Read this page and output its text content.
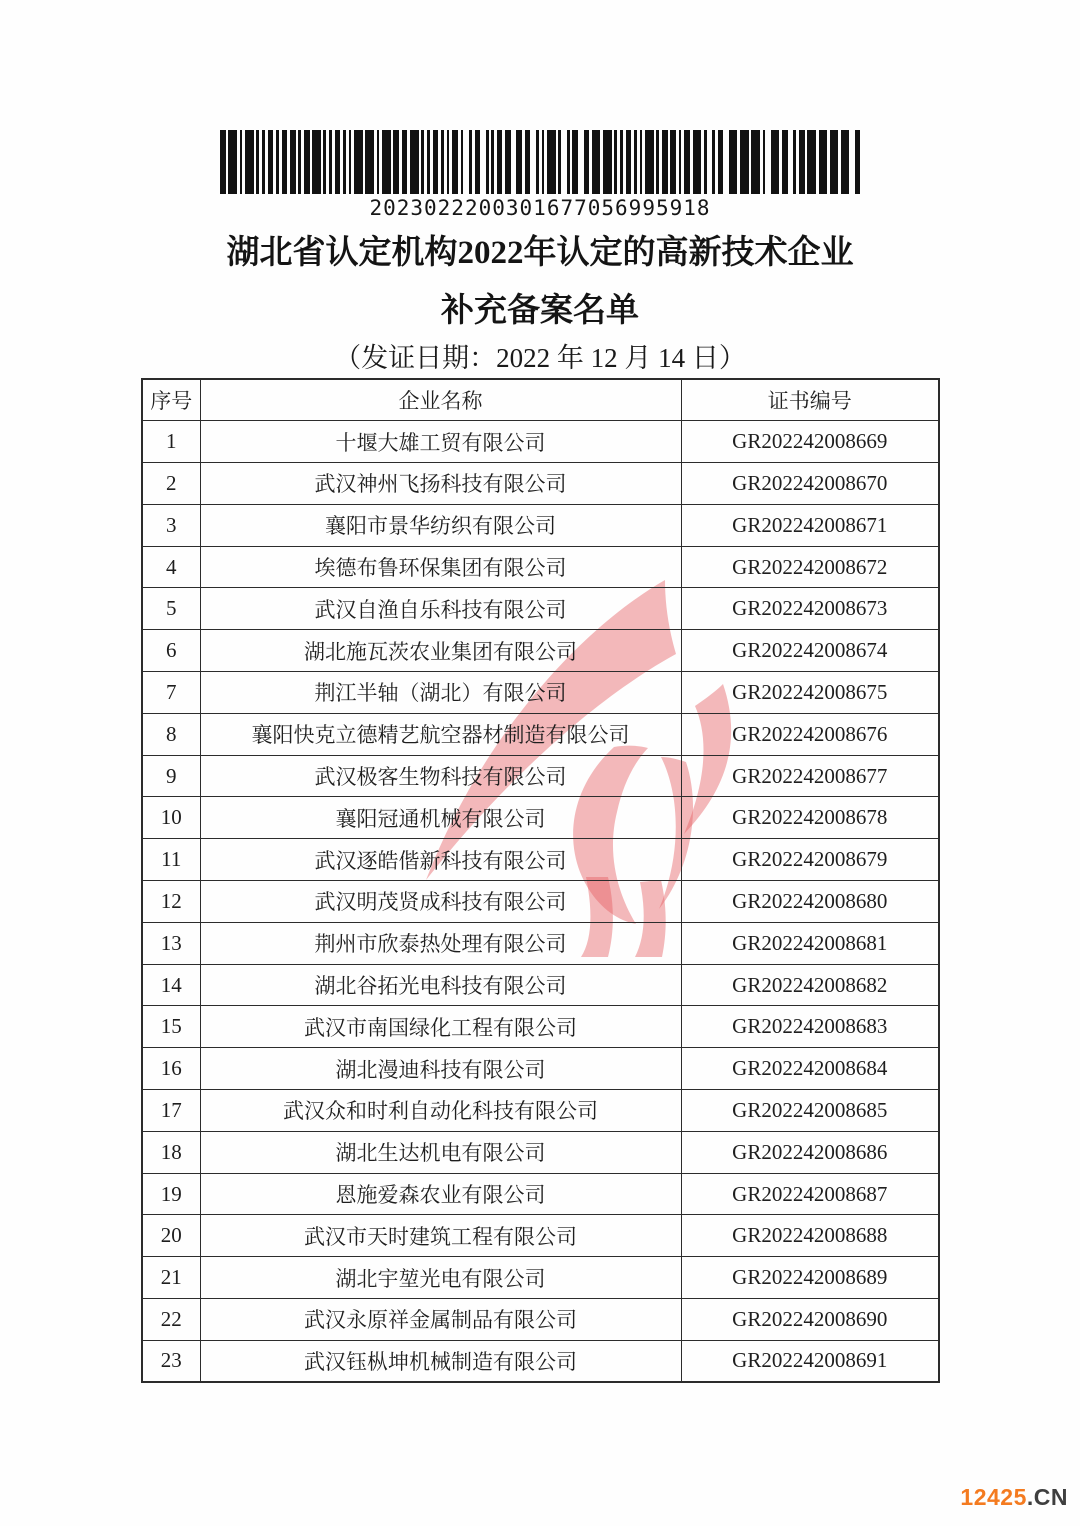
2023022200301677056995918
湖北省认定机构2022年认定的高新技术企业
补充备案名单
（发证日期：2022 年 12 月 14 日）
序号	企业名称	证书编号
1	十堰大雄工贸有限公司	GR202242008669
2	武汉神州飞扬科技有限公司	GR202242008670
3	襄阳市景华纺织有限公司	GR202242008671
4	埃德布鲁环保集团有限公司	GR202242008672
5	武汉自渔自乐科技有限公司	GR202242008673
6	湖北施瓦茨农业集团有限公司	GR202242008674
7	荆江半轴（湖北）有限公司	GR202242008675
8	襄阳快克立德精艺航空器材制造有限公司	GR202242008676
9	武汉极客生物科技有限公司	GR202242008677
10	襄阳冠通机械有限公司	GR202242008678
11	武汉逐皓偕新科技有限公司	GR202242008679
12	武汉明茂贤成科技有限公司	GR202242008680
13	荆州市欣泰热处理有限公司	GR202242008681
14	湖北谷拓光电科技有限公司	GR202242008682
15	武汉市南国绿化工程有限公司	GR202242008683
16	湖北漫迪科技有限公司	GR202242008684
17	武汉众和时利自动化科技有限公司	GR202242008685
18	湖北生达机电有限公司	GR202242008686
19	恩施爱森农业有限公司	GR202242008687
20	武汉市天时建筑工程有限公司	GR202242008688
21	湖北宇堃光电有限公司	GR202242008689
22	武汉永原祥金属制品有限公司	GR202242008690
23	武汉钰枞坤机械制造有限公司	GR202242008691
12425.CN
